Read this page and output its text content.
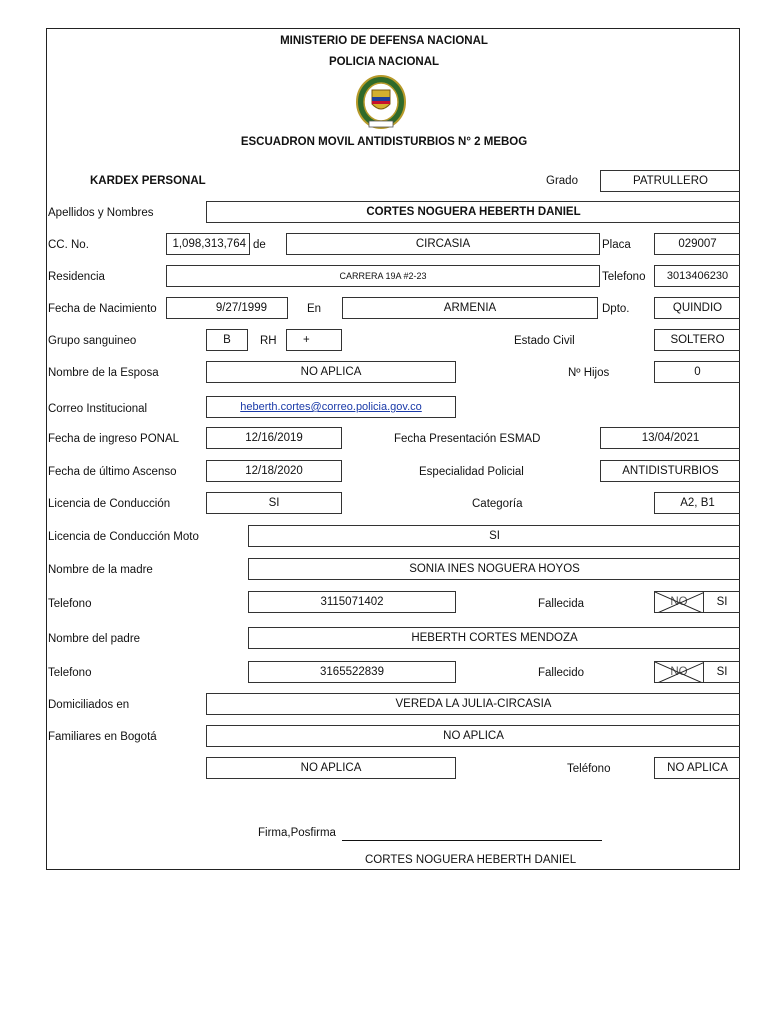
MINISTERIO DE DEFENSA NACIONAL
POLICIA NACIONAL
ESCUADRON MOVIL ANTIDISTURBIOS N° 2 MEBOG
KARDEX PERSONAL	Grado	PATRULLERO
Apellidos y Nombres	CORTES NOGUERA HEBERTH DANIEL
CC. No.	1,098,313,764 de	CIRCASIA	Placa	029007
Residencia	CARRERA 19A #2-23	Telefono	3013406230
Fecha de Nacimiento	9/27/1999	En	ARMENIA	Dpto.	QUINDIO
Grupo sanguineo	B	RH	+	Estado Civil	SOLTERO
Nombre de la Esposa	NO APLICA	Nº Hijos	0
Correo Institucional	heberth.cortes@correo.policia.gov.co
Fecha de ingreso PONAL	12/16/2019	Fecha Presentación ESMAD	13/04/2021
Fecha de último Ascenso	12/18/2020	Especialidad Policial	ANTIDISTURBIOS
Licencia de Conducción	SI	Categoría	A2, B1
Licencia de Conducción Moto	SI
Nombre de la madre	SONIA INES NOGUERA HOYOS
Telefono	3115071402	Fallecida	NO	SI
Nombre del padre	HEBERTH CORTES MENDOZA
Telefono	3165522839	Fallecido	NO	SI
Domiciliados en	VEREDA LA JULIA-CIRCASIA
Familiares en Bogotá	NO APLICA
NO APLICA	Teléfono	NO APLICA
Firma,Posfirma
CORTES NOGUERA HEBERTH DANIEL
